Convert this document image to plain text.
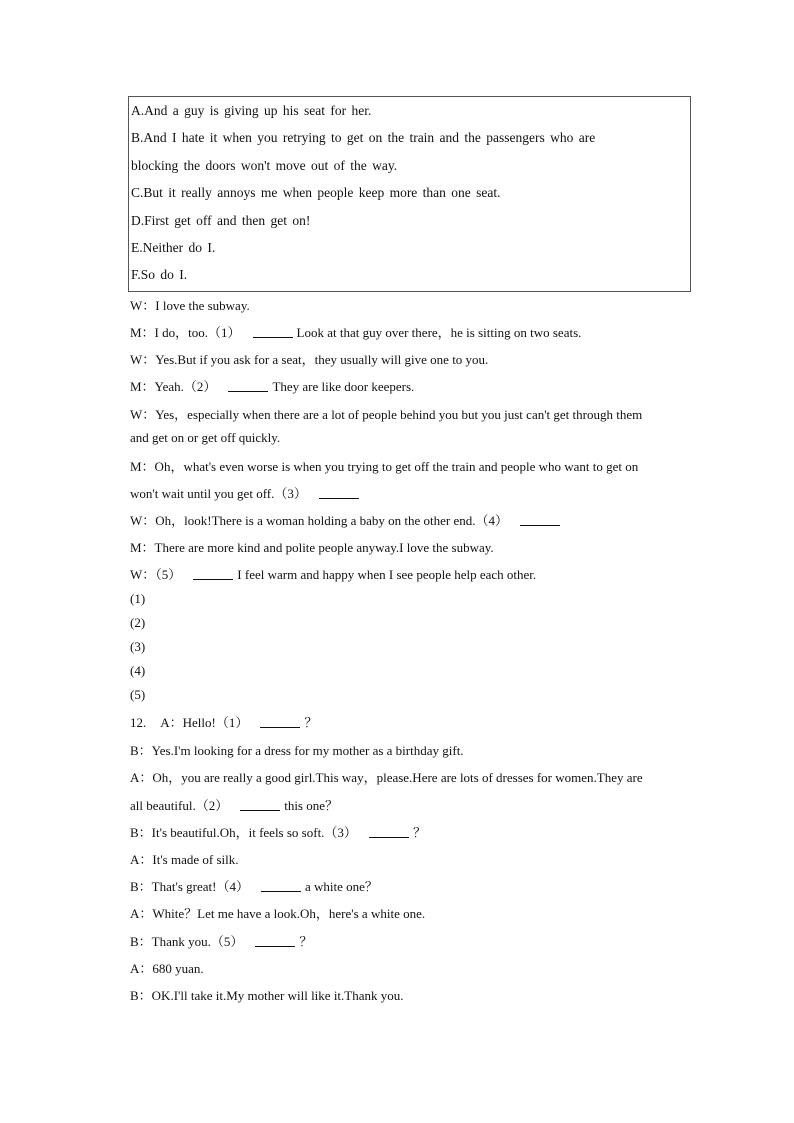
A.And a guy is giving up his seat for her.
B.And I hate it when you retrying to get on the train and the passengers who are
blocking the doors won't move out of the way.
C.But it really annoys me when people keep more than one seat.
D.First get off and then get on!
E.Neither do I.
F.So do I.
W：I love the subway.
M：I do，too.（1）	Look at that guy over there，he is sitting on two seats.
W：Yes.But if you ask for a seat，they usually will give one to you.
M：Yeah.（2）	They are like door keepers.
W：Yes，especially when there are a lot of people behind you but you just can't get through them
and get on or get off quickly.
M：Oh，what's even worse is when you trying to get off the train and people who want to get on
won't wait until you get off.（3）
W：Oh，look!There is a woman holding a baby on the other end.（4）
M：There are more kind and polite people anyway.I love the subway.
W：（5）	I feel warm and happy when I see people help each other.
(1)
(2)
(3)
(4)
(5)
12. A：Hello!（1）	？
B：Yes.I'm looking for a dress for my mother as a birthday gift.
A：Oh，you are really a good girl.This way，please.Here are lots of dresses for women.They are
all beautiful.（2）	this one？
B：It's beautiful.Oh，it feels so soft.（3）	？
A：It's made of silk.
B：That's great!（4）	a white one？
A：White？Let me have a look.Oh，here's a white one.
B：Thank you.（5）	？
A：680 yuan.
B：OK.I'll take it.My mother will like it.Thank you.
